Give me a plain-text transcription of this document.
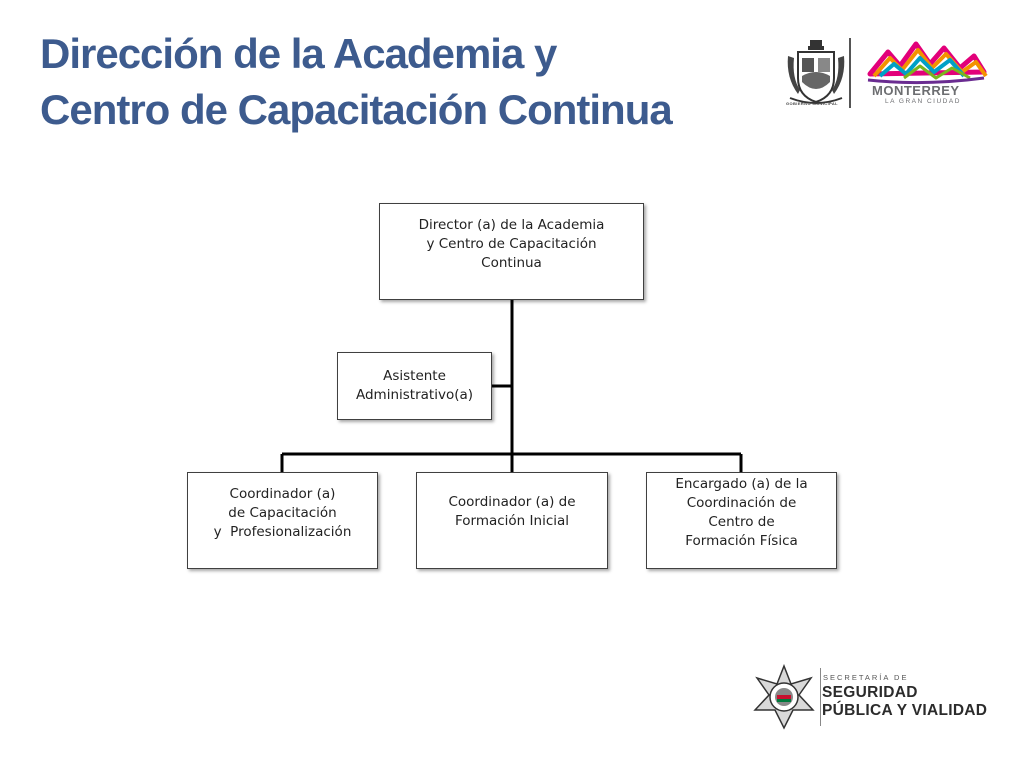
Dirección de la Academia y
Centro de Capacitación Continua	GOBIERNO MUNICIPAL
MONTERREY
LA GRAN CIUDAD
Director (a) de la Academia
y Centro de Capacitación
Continua
Asistente
Administrativo(a)
Coordinador (a)
de Capacitación
y  Profesionalización
Coordinador (a) de
Formación Inicial
Encargado (a) de la
Coordinación de
Centro de
Formación Física
SECRETARÍA DE
SEGURIDAD
PÚBLICA Y VIALIDAD
